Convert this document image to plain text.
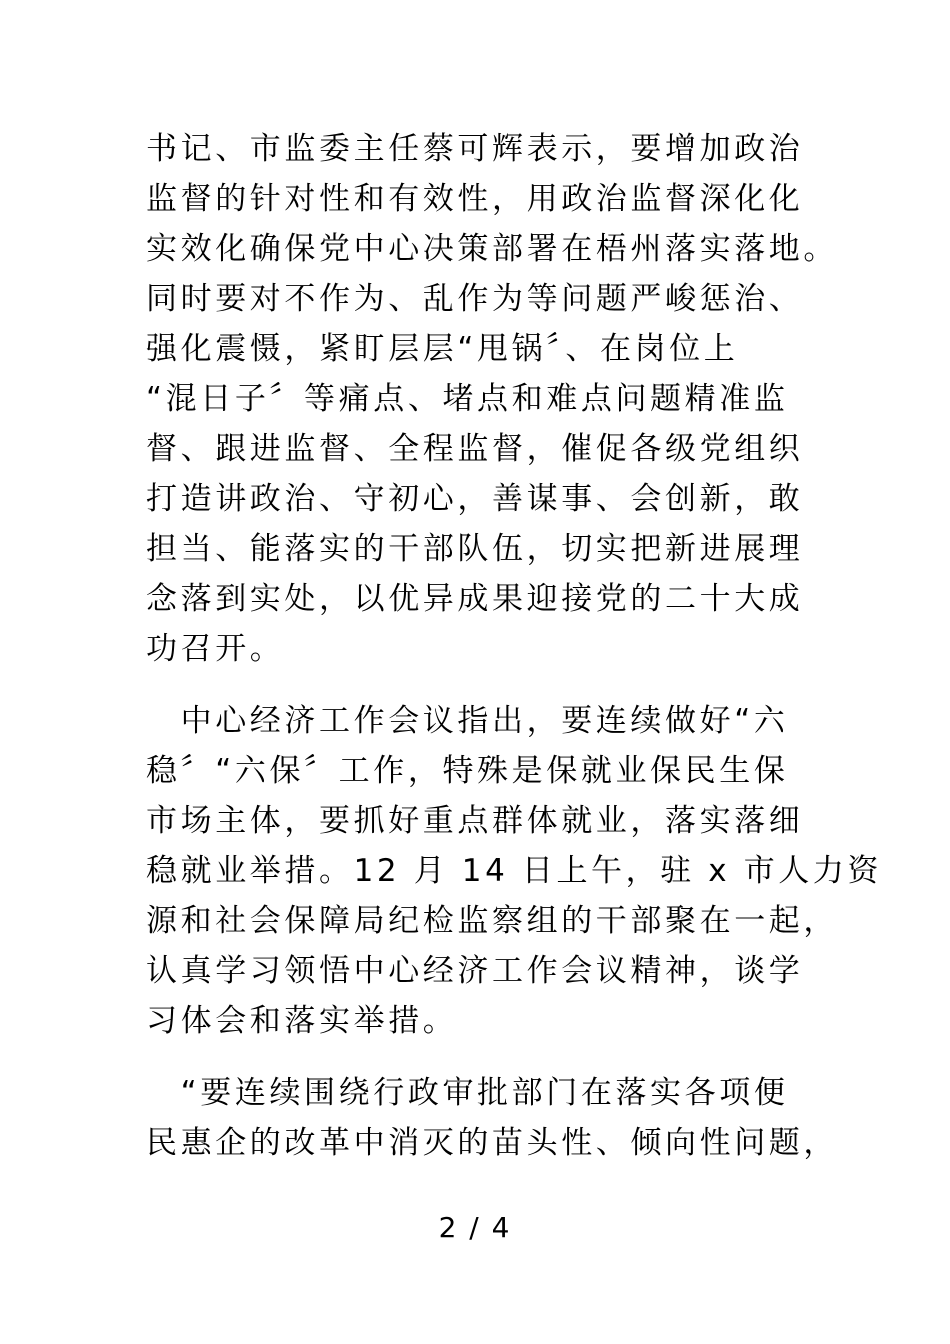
书记、市监委主任蔡可辉表示，要增加政治
监督的针对性和有效性，用政治监督深化化
实效化确保党中心决策部署在梧州落实落地。
同时要对不作为、乱作为等问题严峻惩治、
强化震慑，紧盯层层“甩锅〞、在岗位上
“混日子〞等痛点、堵点和难点问题精准监
督、跟进监督、全程监督，催促各级党组织
打造讲政治、守初心，善谋事、会创新，敢
担当、能落实的干部队伍，切实把新进展理
念落到实处，以优异成果迎接党的二十大成
功召开。
　中心经济工作会议指出，要连续做好“六
稳〞“六保〞工作，特殊是保就业保民生保
市场主体，要抓好重点群体就业，落实落细
稳就业举措。12 月 14 日上午，驻 x 市人力资
源和社会保障局纪检监察组的干部聚在一起，
认真学习领悟中心经济工作会议精神，谈学
习体会和落实举措。
　“要连续围绕行政审批部门在落实各项便
民惠企的改革中消灭的苗头性、倾向性问题，
2 / 4
